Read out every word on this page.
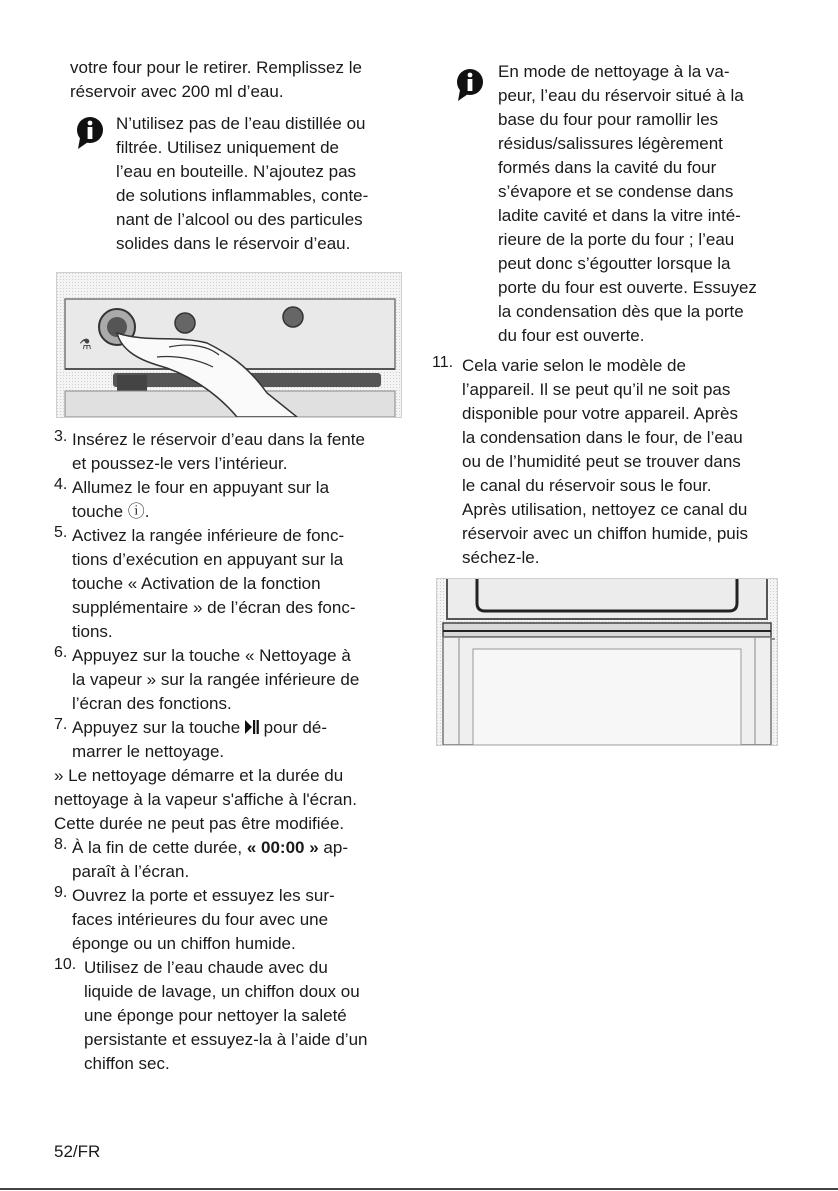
votre four pour le retirer. Remplissez le

réservoir avec 200 ml d’eau.

N’utilisez pas de l’eau distillée ou

filtrée. Utilisez uniquement de

l’eau en bouteille. N’ajoutez pas

de solutions inflammables, conte-

nant de l’alcool ou des particules

solides dans le réservoir d’eau.

⚗
3. Insérez le réservoir d’eau dans la fente

et poussez-le vers l’intérieur.

4. Allumez le four en appuyant sur la

touche ⓘ.

5. Activez la rangée inférieure de fonc-

tions d’exécution en appuyant sur la

touche « Activation de la fonction

supplémentaire » de l’écran des fonc-

tions.

6. Appuyez sur la touche « Nettoyage à

la vapeur » sur la rangée inférieure de

l’écran des fonctions.

7. Appuyez sur la touche  pour dé-

marrer le nettoyage.

» Le nettoyage démarre et la durée du

nettoyage à la vapeur s'affiche à l'écran.

Cette durée ne peut pas être modifiée.

8. À la fin de cette durée, « 00:00 » ap-

paraît à l’écran.

9. Ouvrez la porte et essuyez les sur-

faces intérieures du four avec une

éponge ou un chiffon humide.

10. Utilisez de l’eau chaude avec du

liquide de lavage, un chiffon doux ou

une éponge pour nettoyer la saleté

persistante et essuyez-la à l’aide d’un

chiffon sec.

En mode de nettoyage à la va-

peur, l’eau du réservoir situé à la

base du four pour ramollir les

résidus/salissures légèrement

formés dans la cavité du four

s’évapore et se condense dans

ladite cavité et dans la vitre inté-

rieure de la porte du four ; l’eau

peut donc s’égoutter lorsque la

porte du four est ouverte. Essuyez

la condensation dès que la porte

du four est ouverte.

11. Cela varie selon le modèle de

l’appareil. Il se peut qu’il ne soit pas

disponible pour votre appareil. Après

la condensation dans le four, de l’eau

ou de l’humidité peut se trouver dans

le canal du réservoir sous le four.

Après utilisation, nettoyez ce canal du

réservoir avec un chiffon humide, puis

séchez-le.

52/FR
